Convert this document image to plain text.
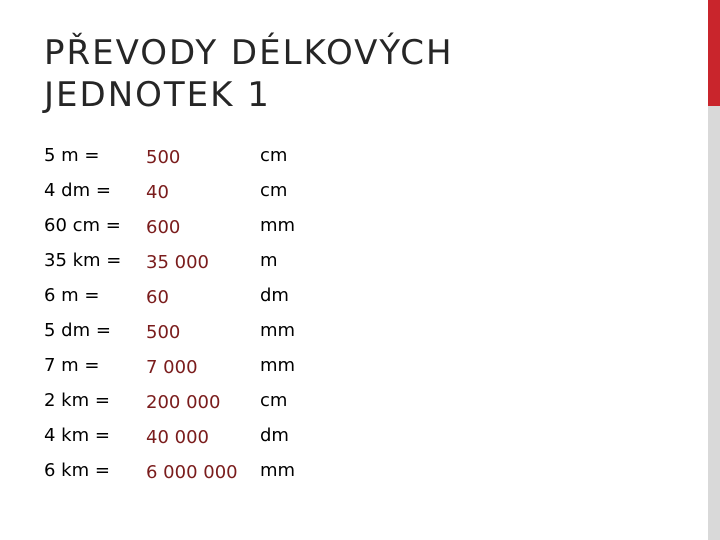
PŘEVODY DÉLKOVÝCH
JEDNOTEK 1
5 m =	500	cm
4 dm = 40	cm
60 cm = 600	mm
35 km = 35 000	m
6 m =	60	dm
5 dm = 500	mm
7 m =	7 000	mm
2 km = 200 000 cm
4 km = 40 000	dm
6 km = 6 000 000 mm
